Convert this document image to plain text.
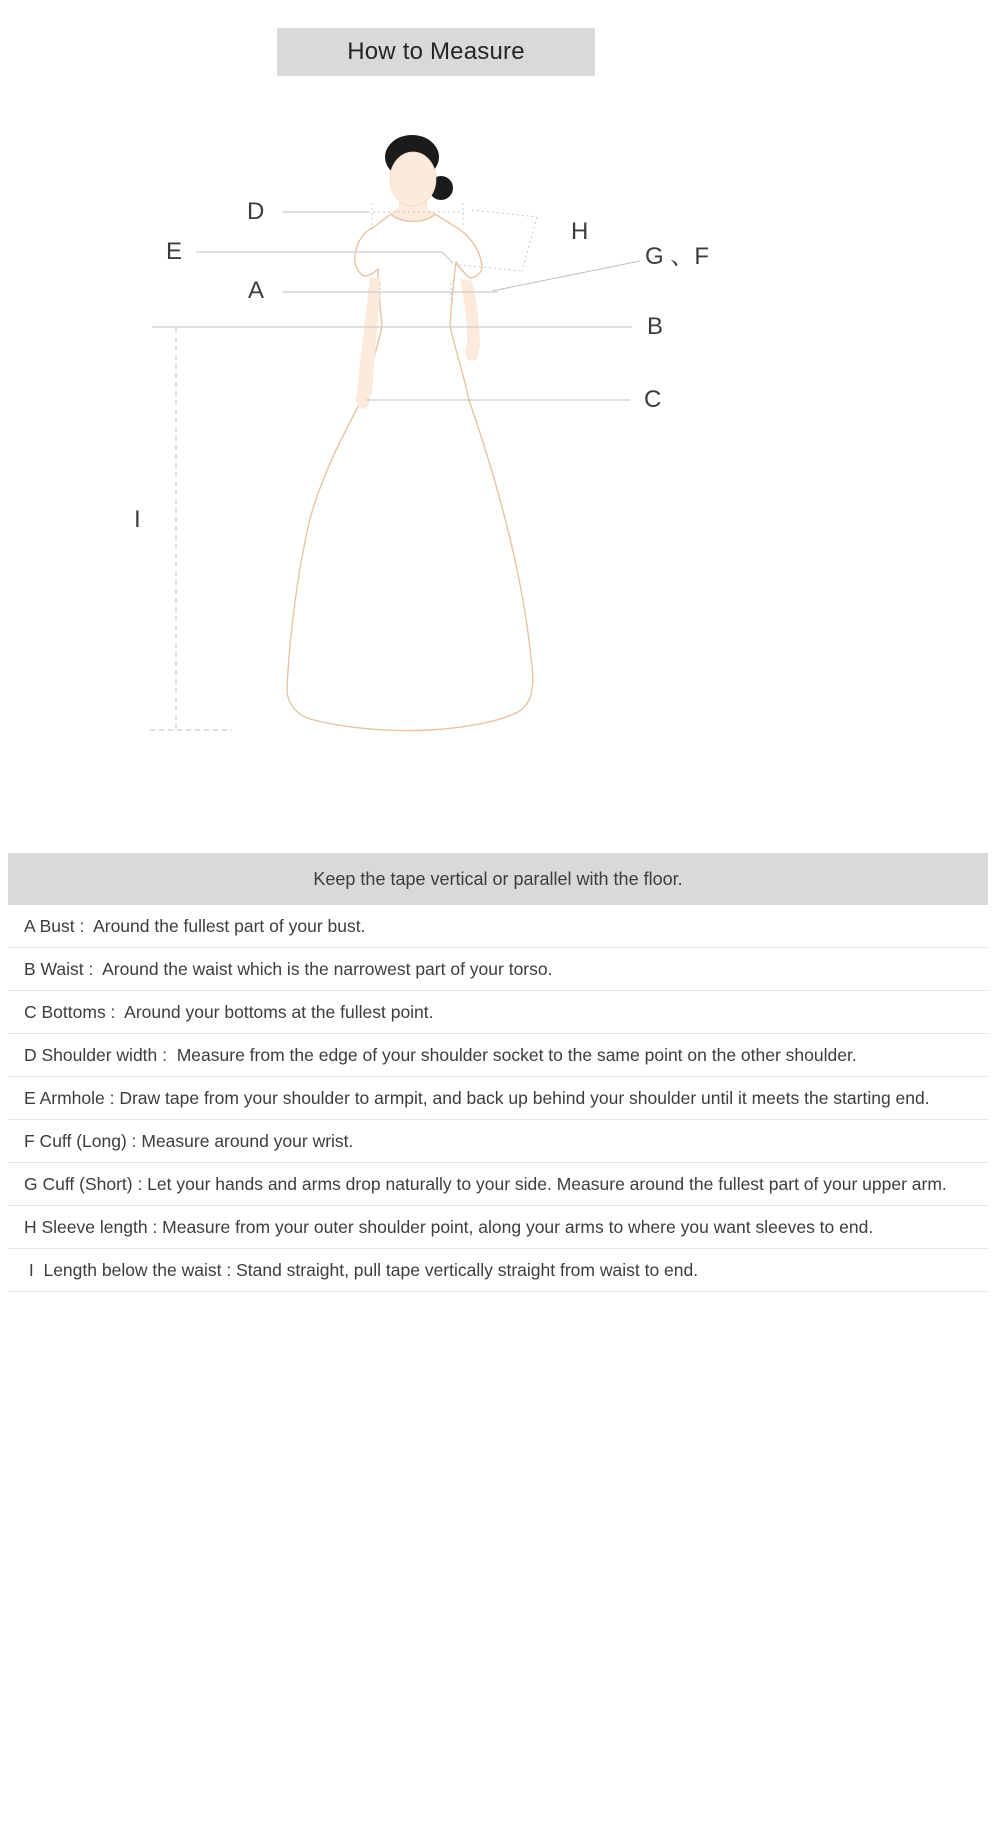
How to Measure
D
E
A
H
G 、F
B
C
I
Keep the tape vertical or parallel with the floor.
A Bust :  Around the fullest part of your bust.
B Waist :  Around the waist which is the narrowest part of your torso.
C Bottoms :  Around your bottoms at the fullest point.
D Shoulder width :  Measure from the edge of your shoulder socket to the same point on the other shoulder.
E Armhole : Draw tape from your shoulder to armpit, and back up behind your shoulder until it meets the starting end.
F Cuff (Long) : Measure around your wrist.
G Cuff (Short) : Let your hands and arms drop naturally to your side. Measure around the fullest part of your upper arm.
H Sleeve length : Measure from your outer shoulder point, along your arms to where you want sleeves to end.
I  Length below the waist : Stand straight, pull tape vertically straight from waist to end.
